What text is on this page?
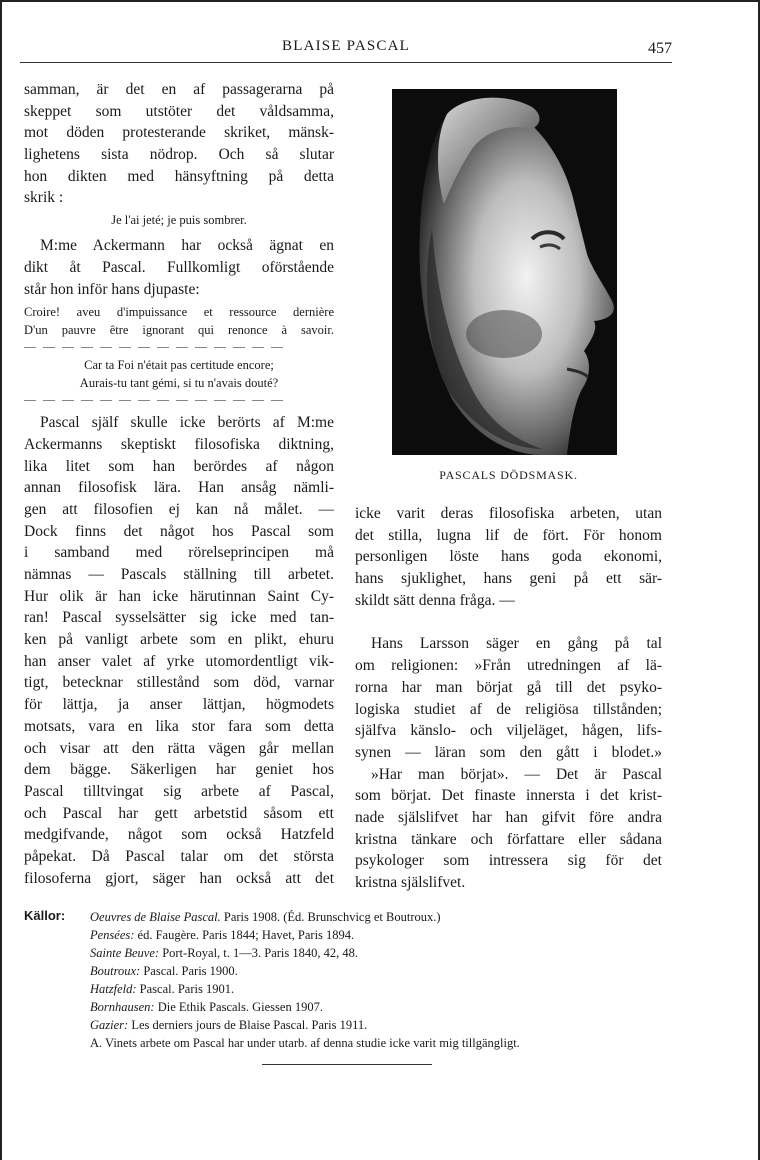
BLAISE PASCAL	457
samman, är det en af passagerarna på
skeppet som utstöter det våldsamma,
mot döden protesterande skriket, mänsk-
lighetens sista nödrop. Och så slutar
hon dikten med hänsyftning på detta
skrik :
Je l'ai jeté; je puis sombrer.
M:me Ackermann har också ägnat en
dikt åt Pascal. Fullkomligt oförstående
står hon inför hans djupaste:
Croire! aveu d'impuissance et ressource dernière
D'un pauvre être ignorant qui renonce à savoir.
— — — — — — — — — — — — — —
Car ta Foi n'était pas certitude encore;
Aurais-tu tant gémi, si tu n'avais douté?
— — — — — — — — — — — — — —
Pascal själf skulle icke berörts af M:me
Ackermanns skeptiskt filosofiska diktning,
lika litet som han berördes af någon
annan filosofisk lära. Han ansåg nämli-
gen att filosofien ej kan nå målet. —
Dock finns det något hos Pascal som
i samband med rörelseprincipen må
nämnas — Pascals ställning till arbetet.
Hur olik är han icke härutinnan Saint Cy-
ran! Pascal sysselsätter sig icke med tan-
ken på vanligt arbete som en plikt, ehuru
han anser valet af yrke utomordentligt vik-
tigt, betecknar stillestånd som död, varnar
för lättja, ja anser lättjan, högmodets
motsats, vara en lika stor fara som detta
och visar att den rätta vägen går mellan
dem bägge. Säkerligen har geniet hos
Pascal tilltvingat sig arbete af Pascal,
och Pascal har gett arbetstid såsom ett
medgifvande, något som också Hatzfeld
påpekat. Då Pascal talar om det största
filosoferna gjort, säger han också att det
PASCALS DÖDSMASK.
icke varit deras filosofiska arbeten, utan
det stilla, lugna lif de fört. För honom
personligen löste hans goda ekonomi,
hans sjuklighet, hans geni på ett sär-
skildt sätt denna fråga. —
Hans Larsson säger en gång på tal
om religionen: »Från utredningen af lä-
rorna har man börjat gå till det psyko-
logiska studiet af de religiösa tillstånden;
själfva känslo- och viljeläget, hågen, lifs-
synen — läran som den gått i blodet.»
»Har man börjat». — Det är Pascal
som börjat. Det finaste innersta i det krist-
nade själslifvet har han gifvit före andra
kristna tänkare och författare eller sådana
psykologer som intressera sig för det
kristna själslifvet.
Källor: Oeuvres de Blaise Pascal. Paris 1908. (Éd. Brunschvicg et Boutroux.)
Pensées: éd. Faugère. Paris 1844; Havet, Paris 1894.
Sainte Beuve: Port-Royal, t. 1—3. Paris 1840, 42, 48.
Boutroux: Pascal. Paris 1900.
Hatzfeld: Pascal. Paris 1901.
Bornhausen: Die Ethik Pascals. Giessen 1907.
Gazier: Les derniers jours de Blaise Pascal. Paris 1911.
A. Vinets arbete om Pascal har under utarb. af denna studie icke varit mig tillgängligt.
